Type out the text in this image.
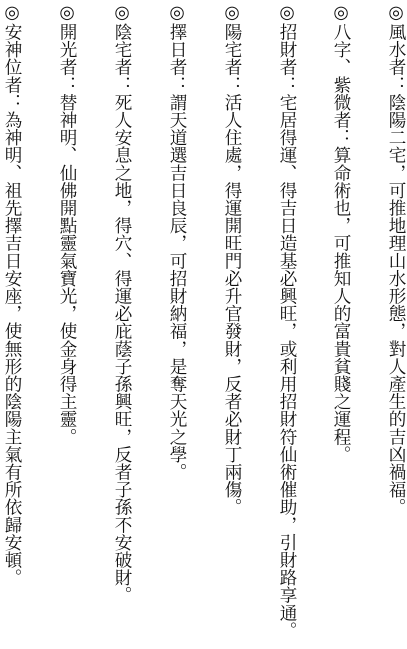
◎風水者：陰陽二宅，可推地理山水形態，對人產生的吉凶禍福。
◎八字、紫微者：算命術也，可推知人的富貴貧賤之運程。
◎招財者：宅居得運、得吉日造基必興旺，或利用招財符仙術催助，引財路享通。
◎陽宅者：活人住處，得運開旺門必升官發財，反者必財丁兩傷。
◎擇日者：謂天道選吉日良辰，可招財納福，是奪天光之學。
◎陰宅者：死人安息之地，得穴、得運必庇蔭子孫興旺，反者子孫不安破財。
◎開光者：替神明、仙佛開點靈氣寶光，使金身得主靈。
◎安神位者：為神明、祖先擇吉日安座，使無形的陰陽主氣有所依歸安頓。
